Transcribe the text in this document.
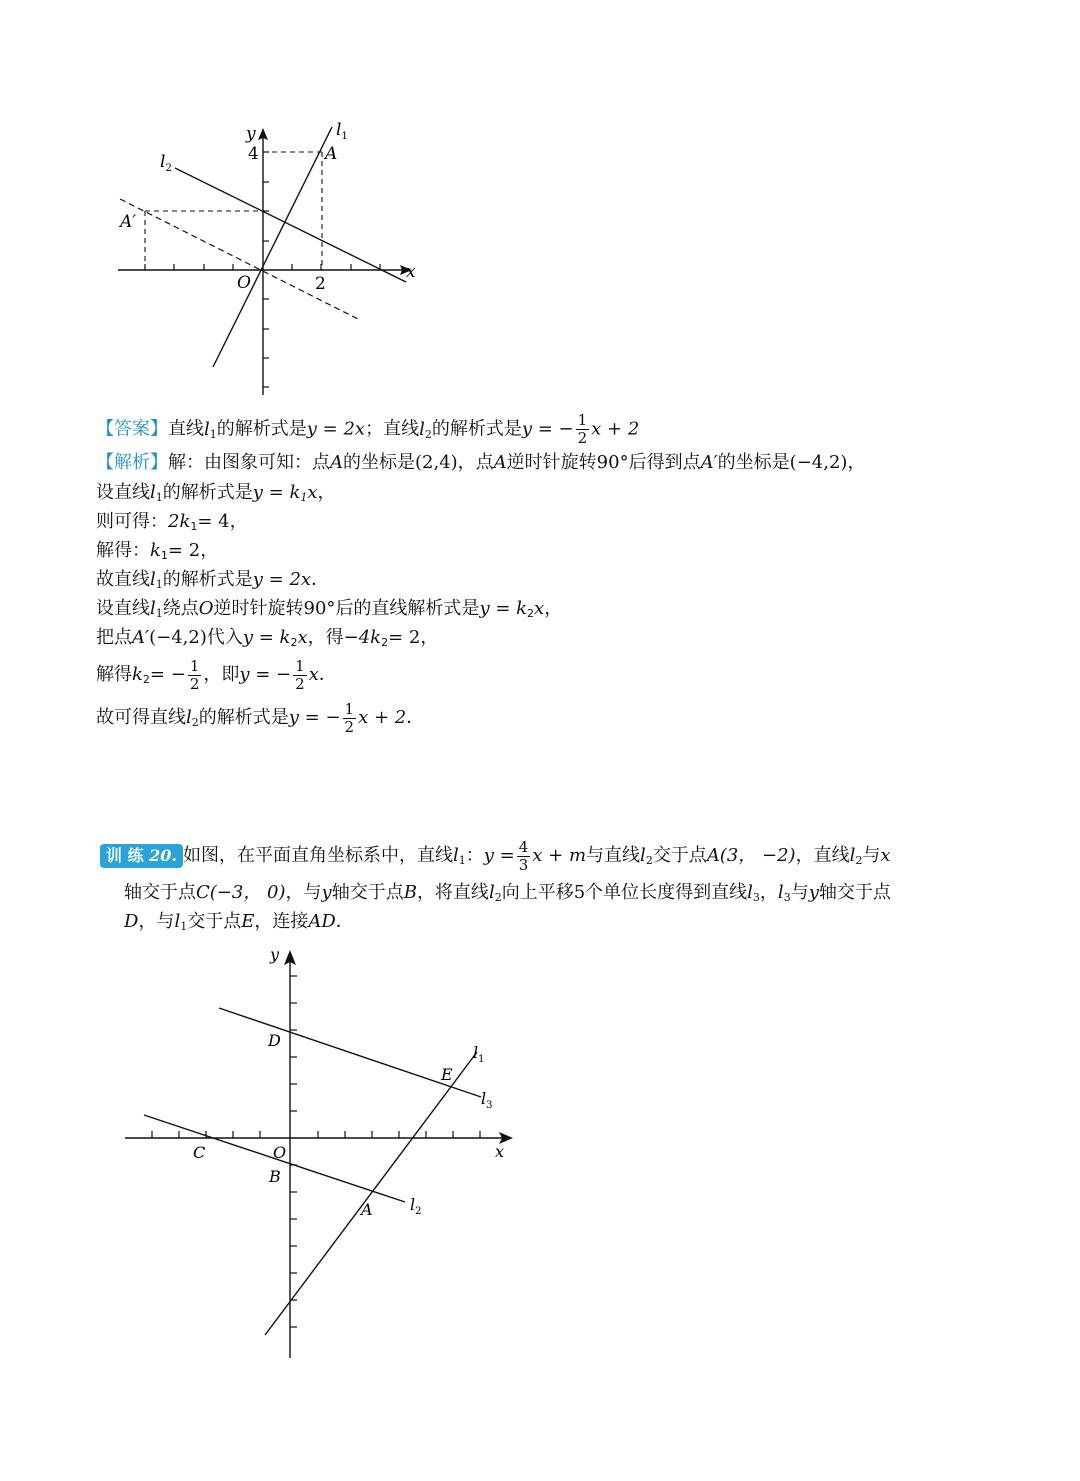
y
x
4
2
O
A
A′
$l_1$
$l_2$
【答案】直线$l_1$的解析式是y = 2x；直线$l_2$的解析式是y = − $\frac{1}{2}$ x + 2
【解析】解：由图象可知：点A的坐标是(2,4)，点A逆时针旋转90°后得到点A′的坐标是(−4,2)，
设直线$l_1$的解析式是$y = k_1x$，
则可得：$2k_1= 4$，
解得：$k_1= 2$，
故直线$l_1$的解析式是y = 2x．
设直线$l_1$绕点O逆时针旋转90°后的直线解析式是$y = k_2x$，
把点A′(−4,2)代入$y = k_2x$，得$-4k_2= 2$，
解得$k_2= - \frac{1}{2}$ ，即y = − $\frac{1}{2}$ x．
故可得直线$l_2$的解析式是y = − $\frac{1}{2}$ x + 2．
训 练 20. 如图，在平面直角坐标系中，直线$l_1$：$y = \frac{4}{3}$ x + m与直线$l_2$交于点A(3， −2)，直线$l_2$与x
轴交于点C(−3， 0)，与y轴交于点B，将直线$l_2$向上平移5个单位长度得到直线$l_3$，$l_3$与y轴交于点
D，与$l_1$交于点E，连接AD．
y
x
O
B
C
D
E
A
$l_1$
$l_2$
$l_3$
